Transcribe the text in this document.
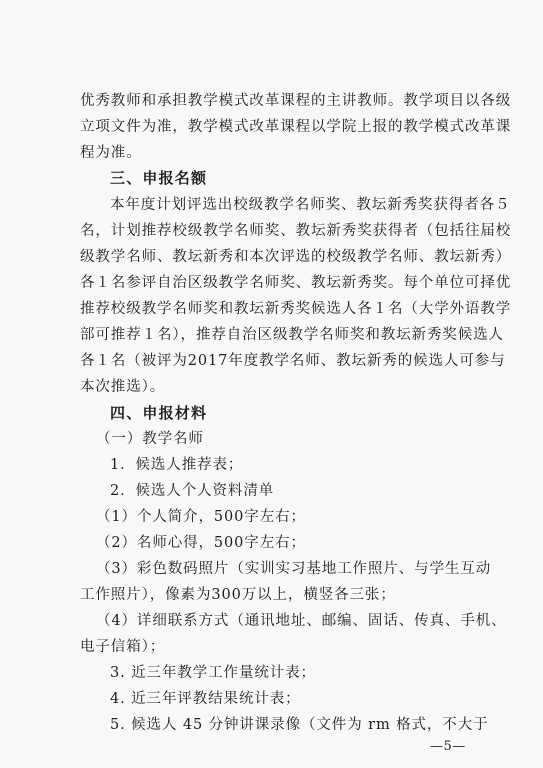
优秀教师和承担教学模式改革课程的主讲教师。教学项目以各级
立项文件为准，教学模式改革课程以学院上报的教学模式改革课
程为准。
三、申报名额
本年度计划评选出校级教学名师奖、教坛新秀奖获得者各５
名，计划推荐校级教学名师奖、教坛新秀奖获得者（包括往届校
级教学名师、教坛新秀和本次评选的校级教学名师、教坛新秀）
各１名参评自治区级教学名师奖、教坛新秀奖。每个单位可择优
推荐校级教学名师奖和教坛新秀奖候选人各１名（大学外语教学
部可推荐１名），推荐自治区级教学名师奖和教坛新秀奖候选人
各１名（被评为2017年度教学名师、教坛新秀的候选人可参与
本次推选）。
四、申报材料
（一）教学名师
1．候选人推荐表；
2．候选人个人资料清单
（1）个人简介，500字左右；
（2）名师心得，500字左右；
（3）彩色数码照片（实训实习基地工作照片、与学生互动
工作照片），像素为300万以上，横竖各三张；
（4）详细联系方式（通讯地址、邮编、固话、传真、手机、
电子信箱）；
3. 近三年教学工作量统计表；
4. 近三年评教结果统计表；
5. 候选人 45 分钟讲课录像（文件为 rm 格式，不大于
—5—
